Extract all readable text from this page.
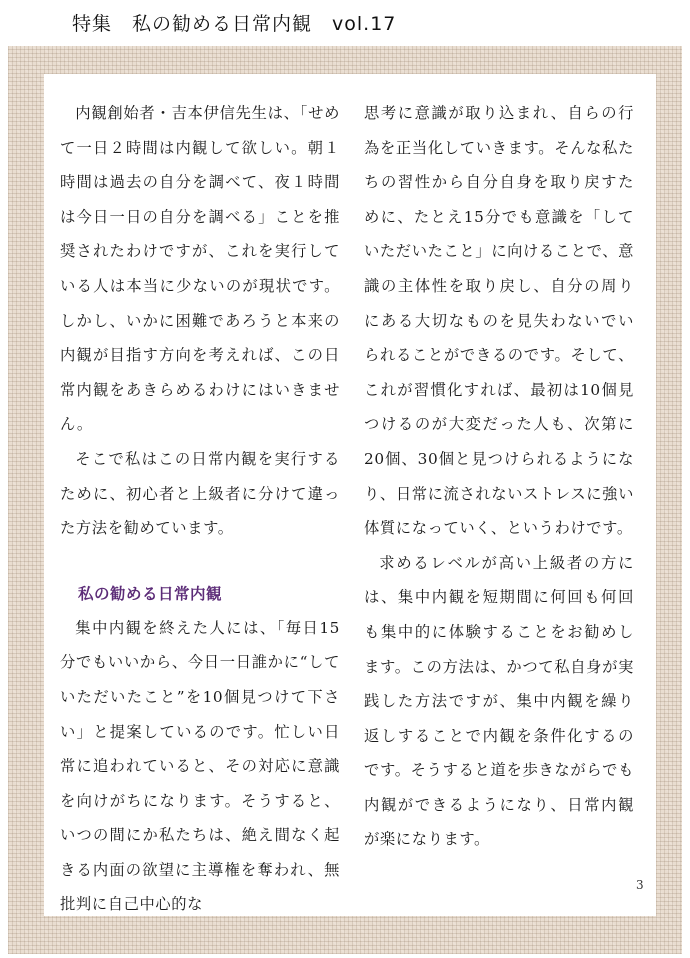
特集　私の勧める日常内観　vol.17

内観創始者・吉本伊信先生は、「せめて一日２時間は内観して欲しい。朝１時間は過去の自分を調べて、夜１時間は今日一日の自分を調べる」ことを推奨されたわけですが、これを実行している人は本当に少ないのが現状です。しかし、いかに困難であろうと本来の内観が目指す方向を考えれば、この日常内観をあきらめるわけにはいきません。

そこで私はこの日常内観を実行するために、初心者と上級者に分けて違った方法を勧めています。

私の勧める日常内観

集中内観を終えた人には、「毎日15分でもいいから、今日一日誰かに“していただいたこと”を10個見つけて下さい」と提案しているのです。忙しい日常に追われていると、その対応に意識を向けがちになります。そうすると、いつの間にか私たちは、絶え間なく起きる内面の欲望に主導権を奪われ、無批判に自己中心的な

思考に意識が取り込まれ、自らの行為を正当化していきます。そんな私たちの習性から自分自身を取り戻すために、たとえ15分でも意識を「していただいたこと」に向けることで、意識の主体性を取り戻し、自分の周りにある大切なものを見失わないでいられることができるのです。そして、これが習慣化すれば、最初は10個見つけるのが大変だった人も、次第に20個、30個と見つけられるようになり、日常に流されないストレスに強い体質になっていく、というわけです。

求めるレベルが高い上級者の方には、集中内観を短期間に何回も何回も集中的に体験することをお勧めします。この方法は、かつて私自身が実践した方法ですが、集中内観を繰り返しすることで内観を条件化するのです。そうすると道を歩きながらでも内観ができるようになり、日常内観が楽になります。

3
